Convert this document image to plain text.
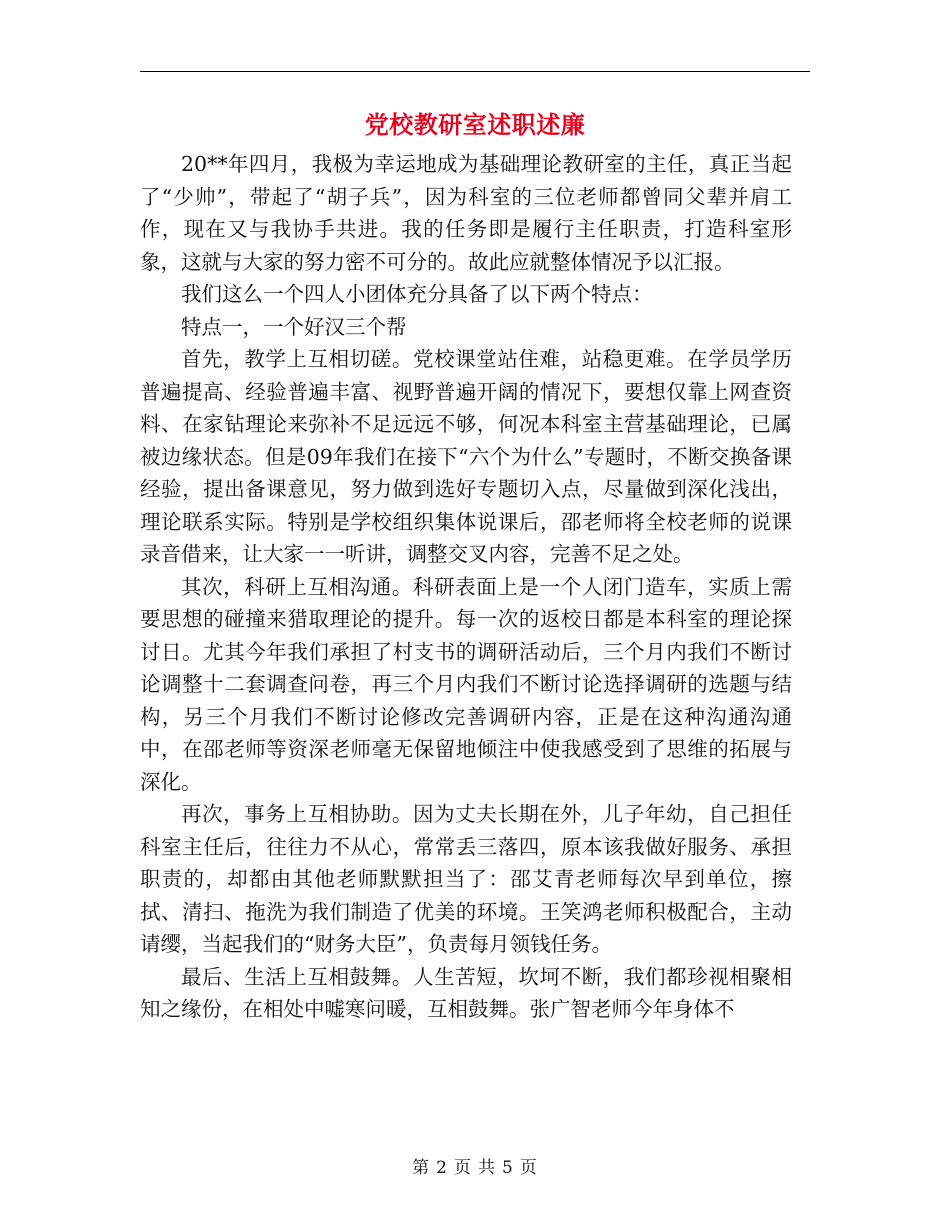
党校教研室述职述廉

20**年四月，我极为幸运地成为基础理论教研室的主任，真正当起了“少帅”，带起了“胡子兵”，因为科室的三位老师都曾同父辈并肩工作，现在又与我协手共进。我的任务即是履行主任职责，打造科室形象，这就与大家的努力密不可分的。故此应就整体情况予以汇报。

我们这么一个四人小团体充分具备了以下两个特点：

特点一，一个好汉三个帮

首先，教学上互相切磋。党校课堂站住难，站稳更难。在学员学历普遍提高、经验普遍丰富、视野普遍开阔的情况下，要想仅靠上网查资料、在家钻理论来弥补不足远远不够，何况本科室主营基础理论，已属被边缘状态。但是09年我们在接下“六个为什么”专题时，不断交换备课经验，提出备课意见，努力做到选好专题切入点，尽量做到深化浅出，理论联系实际。特别是学校组织集体说课后，邵老师将全校老师的说课录音借来，让大家一一听讲，调整交叉内容，完善不足之处。

其次，科研上互相沟通。科研表面上是一个人闭门造车，实质上需要思想的碰撞来猎取理论的提升。每一次的返校日都是本科室的理论探讨日。尤其今年我们承担了村支书的调研活动后，三个月内我们不断讨论调整十二套调查问卷，再三个月内我们不断讨论选择调研的选题与结构，另三个月我们不断讨论修改完善调研内容，正是在这种沟通沟通中，在邵老师等资深老师毫无保留地倾注中使我感受到了思维的拓展与深化。

再次，事务上互相协助。因为丈夫长期在外，儿子年幼，自己担任科室主任后，往往力不从心，常常丢三落四，原本该我做好服务、承担职责的，却都由其他老师默默担当了：邵艾青老师每次早到单位，擦拭、清扫、拖洗为我们制造了优美的环境。王笑鸿老师积极配合，主动请缨，当起我们的“财务大臣”，负责每月领钱任务。

最后、生活上互相鼓舞。人生苦短，坎坷不断，我们都珍视相聚相知之缘份，在相处中嘘寒问暖，互相鼓舞。张广智老师今年身体不

第 2 页 共 5 页
